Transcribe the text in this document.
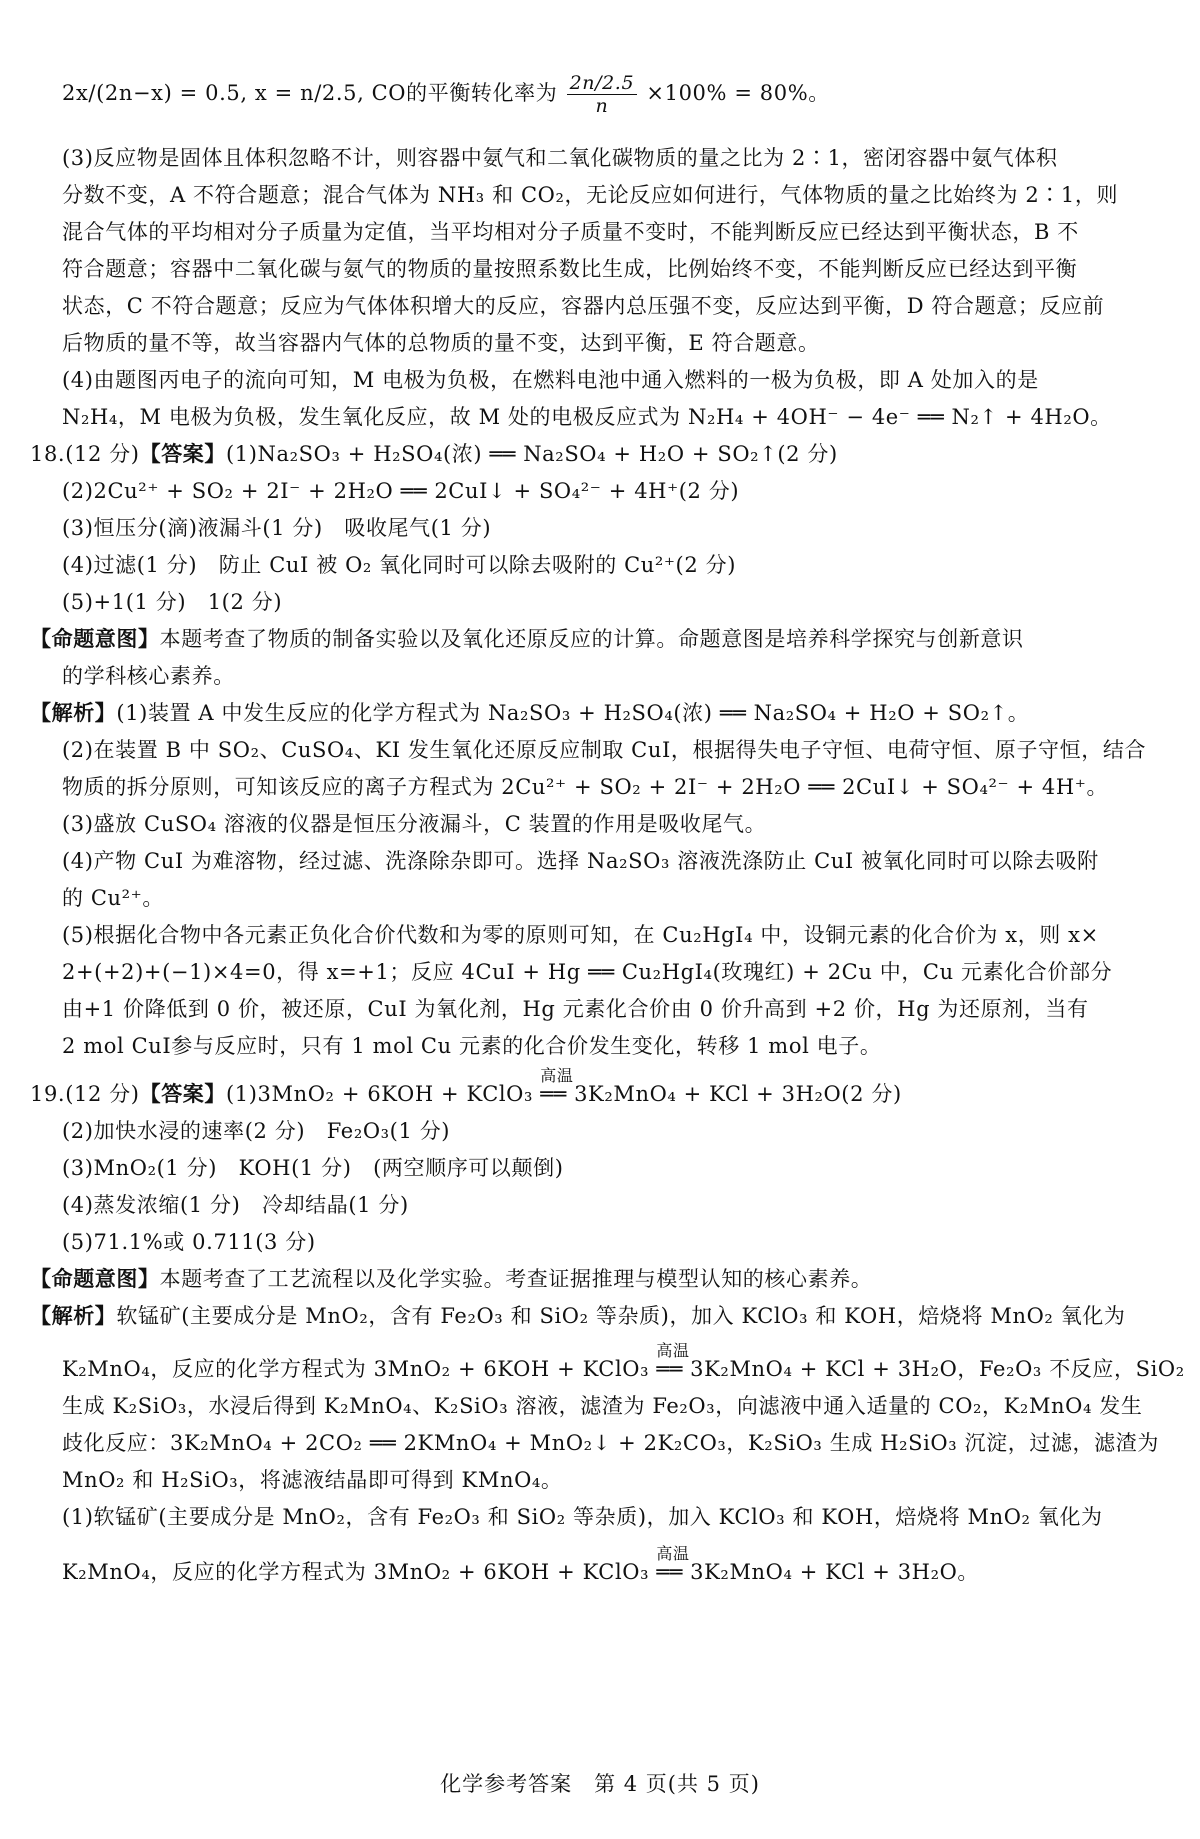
2x/(2n−x) = 0.5, x = n/2.5, CO的平衡转化率为 $\frac{2n/2.5}{n} \times 100\% = 80\%$。
(3)反应物是固体且体积忽略不计，则容器中氨气和二氧化碳物质的量之比为 2∶1，密闭容器中氨气体积
分数不变，A 不符合题意；混合气体为 NH₃ 和 CO₂，无论反应如何进行，气体物质的量之比始终为 2∶1，则
混合气体的平均相对分子质量为定值，当平均相对分子质量不变时，不能判断反应已经达到平衡状态，B 不
符合题意；容器中二氧化碳与氨气的物质的量按照系数比生成，比例始终不变，不能判断反应已经达到平衡
状态，C 不符合题意；反应为气体体积增大的反应，容器内总压强不变，反应达到平衡，D 符合题意；反应前
后物质的量不等，故当容器内气体的总物质的量不变，达到平衡，E 符合题意。
(4)由题图丙电子的流向可知，M 电极为负极，在燃料电池中通入燃料的一极为负极，即 A 处加入的是
N₂H₄，M 电极为负极，发生氧化反应，故 M 处的电极反应式为 N₂H₄ + 4OH⁻ − 4e⁻ ══ N₂↑ + 4H₂O。
18.(12 分)【答案】(1)Na₂SO₃ + H₂SO₄(浓) ══ Na₂SO₄ + H₂O + SO₂↑(2 分)
(2)2Cu²⁺ + SO₂ + 2I⁻ + 2H₂O ══ 2CuI↓ + SO₄²⁻ + 4H⁺(2 分)
(3)恒压分(滴)液漏斗(1 分)　吸收尾气(1 分)
(4)过滤(1 分)　防止 CuI 被 O₂ 氧化同时可以除去吸附的 Cu²⁺(2 分)
(5)+1(1 分)　1(2 分)
【命题意图】本题考查了物质的制备实验以及氧化还原反应的计算。命题意图是培养科学探究与创新意识
的学科核心素养。
【解析】(1)装置 A 中发生反应的化学方程式为 Na₂SO₃ + H₂SO₄(浓) ══ Na₂SO₄ + H₂O + SO₂↑。
(2)在装置 B 中 SO₂、CuSO₄、KI 发生氧化还原反应制取 CuI，根据得失电子守恒、电荷守恒、原子守恒，结合
物质的拆分原则，可知该反应的离子方程式为 2Cu²⁺ + SO₂ + 2I⁻ + 2H₂O ══ 2CuI↓ + SO₄²⁻ + 4H⁺。
(3)盛放 CuSO₄ 溶液的仪器是恒压分液漏斗，C 装置的作用是吸收尾气。
(4)产物 CuI 为难溶物，经过滤、洗涤除杂即可。选择 Na₂SO₃ 溶液洗涤防止 CuI 被氧化同时可以除去吸附
的 Cu²⁺。
(5)根据化合物中各元素正负化合价代数和为零的原则可知，在 Cu₂HgI₄ 中，设铜元素的化合价为 x，则 x×
2+(+2)+(−1)×4=0，得 x=+1；反应 4CuI + Hg ══ Cu₂HgI₄(玫瑰红) + 2Cu 中，Cu 元素化合价部分
由+1 价降低到 0 价，被还原，CuI 为氧化剂，Hg 元素化合价由 0 价升高到 +2 价，Hg 为还原剂，当有
2 mol CuI参与反应时，只有 1 mol Cu 元素的化合价发生变化，转移 1 mol 电子。
19.(12 分)【答案】(1)3MnO₂ + 6KOH + KClO₃
高温
══ 3K₂MnO₄ + KCl + 3H₂O(2 分)
(2)加快水浸的速率(2 分)　Fe₂O₃(1 分)
(3)MnO₂(1 分)　KOH(1 分)　(两空顺序可以颠倒)
(4)蒸发浓缩(1 分)　冷却结晶(1 分)
(5)71.1%或 0.711(3 分)
【命题意图】本题考查了工艺流程以及化学实验。考查证据推理与模型认知的核心素养。
【解析】软锰矿(主要成分是 MnO₂，含有 Fe₂O₃ 和 SiO₂ 等杂质)，加入 KClO₃ 和 KOH，焙烧将 MnO₂ 氧化为
K₂MnO₄，反应的化学方程式为 3MnO₂ + 6KOH + KClO₃
高温
══ 3K₂MnO₄ + KCl + 3H₂O，Fe₂O₃ 不反应，SiO₂
生成 K₂SiO₃，水浸后得到 K₂MnO₄、K₂SiO₃ 溶液，滤渣为 Fe₂O₃，向滤液中通入适量的 CO₂，K₂MnO₄ 发生
歧化反应：3K₂MnO₄ + 2CO₂ ══ 2KMnO₄ + MnO₂↓ + 2K₂CO₃，K₂SiO₃ 生成 H₂SiO₃ 沉淀，过滤，滤渣为
MnO₂ 和 H₂SiO₃，将滤液结晶即可得到 KMnO₄。
(1)软锰矿(主要成分是 MnO₂，含有 Fe₂O₃ 和 SiO₂ 等杂质)，加入 KClO₃ 和 KOH，焙烧将 MnO₂ 氧化为
K₂MnO₄，反应的化学方程式为 3MnO₂ + 6KOH + KClO₃
高温
══ 3K₂MnO₄ + KCl + 3H₂O。
化学参考答案　第 4 页(共 5 页)
